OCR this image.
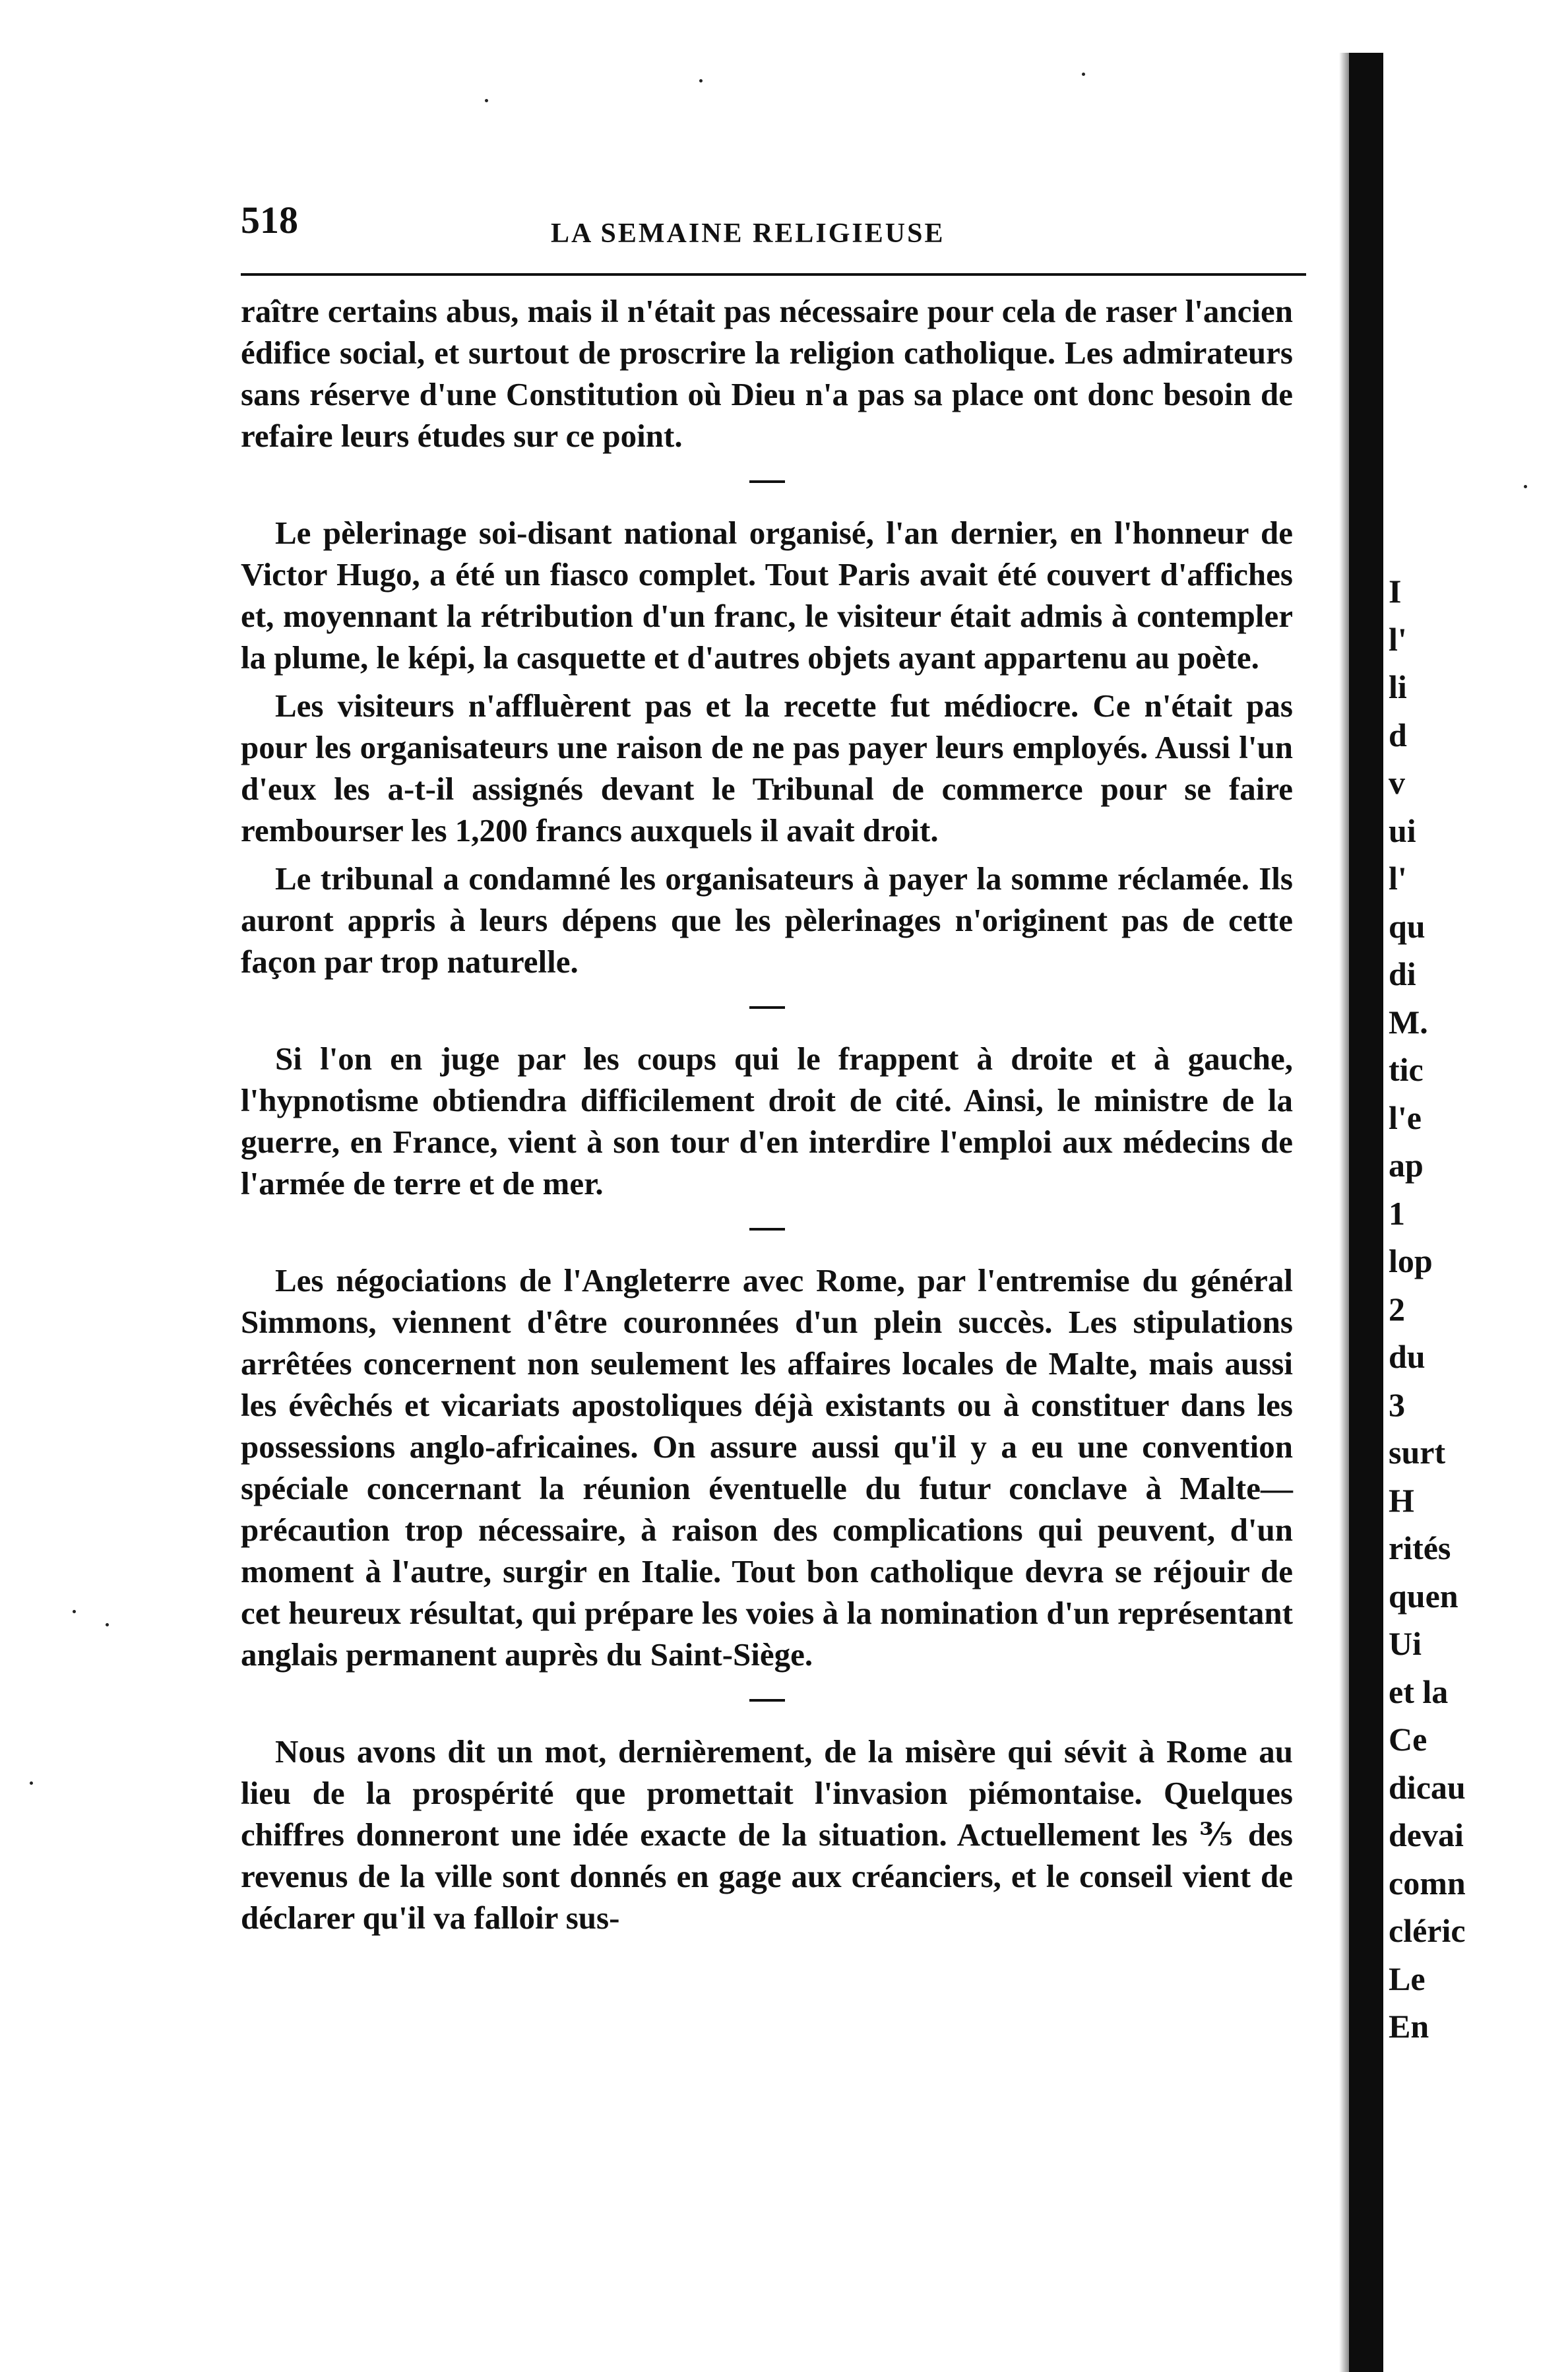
I
l'
li
d
v
ui
l'
qu
di
M.
tic
l'e
ap
1
lop
2
du
3
surt
H
rités
quen
Ui
et la
Ce
dicau
devai
comn
cléric
Le
En
518	LA SEMAINE RELIGIEUSE

raître certains abus, mais il n'était pas nécessaire pour cela de raser l'ancien édifice social, et surtout de proscrire la religion catholique. Les admirateurs sans réserve d'une Constitution où Dieu n'a pas sa place ont donc besoin de refaire leurs études sur ce point.

Le pèlerinage soi-disant national organisé, l'an dernier, en l'honneur de Victor Hugo, a été un fiasco complet. Tout Paris avait été couvert d'affiches et, moyennant la rétribution d'un franc, le visiteur était admis à contempler la plume, le képi, la casquette et d'autres objets ayant appartenu au poète.

Les visiteurs n'affluèrent pas et la recette fut médiocre. Ce n'était pas pour les organisateurs une raison de ne pas payer leurs employés. Aussi l'un d'eux les a-t-il assignés devant le Tribunal de commerce pour se faire rembourser les 1,200 francs auxquels il avait droit.

Le tribunal a condamné les organisateurs à payer la somme réclamée. Ils auront appris à leurs dépens que les pèlerinages n'originent pas de cette façon par trop naturelle.

Si l'on en juge par les coups qui le frappent à droite et à gauche, l'hypnotisme obtiendra difficilement droit de cité. Ainsi, le ministre de la guerre, en France, vient à son tour d'en interdire l'emploi aux médecins de l'armée de terre et de mer.

Les négociations de l'Angleterre avec Rome, par l'entremise du général Simmons, viennent d'être couronnées d'un plein succès. Les stipulations arrêtées concernent non seulement les affaires locales de Malte, mais aussi les évêchés et vicariats apostoliques déjà existants ou à constituer dans les possessions anglo-africaines. On assure aussi qu'il y a eu une convention spéciale concernant la réunion éventuelle du futur conclave à Malte—précaution trop nécessaire, à raison des complications qui peuvent, d'un moment à l'autre, surgir en Italie. Tout bon catholique devra se réjouir de cet heureux résultat, qui prépare les voies à la nomination d'un représentant anglais permanent auprès du Saint-Siège.

Nous avons dit un mot, dernièrement, de la misère qui sévit à Rome au lieu de la prospérité que promettait l'invasion piémontaise. Quelques chiffres donneront une idée exacte de la situation. Actuellement les ⅗ des revenus de la ville sont donnés en gage aux créanciers, et le conseil vient de déclarer qu'il va falloir sus-
